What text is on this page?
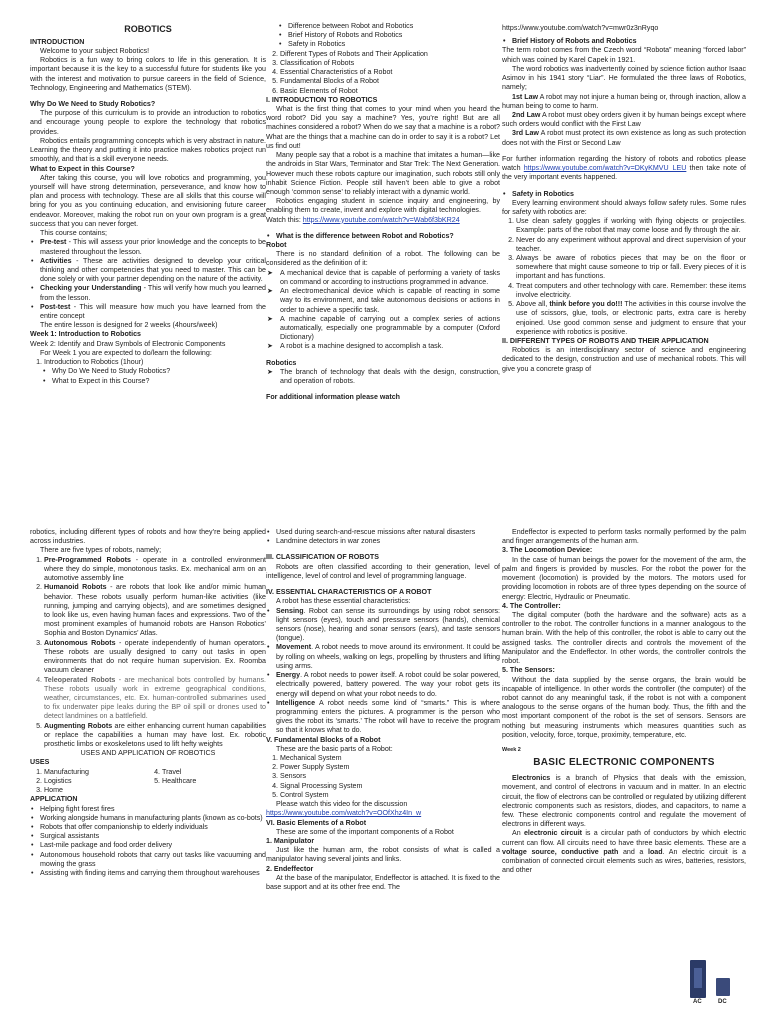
ROBOTICS

INTRODUCTION

Welcome to your subject Robotics!

Robotics is a fun way to bring colors to life in this generation. It is important because it is the key to a successful future for students like you with the interest and motivation to pursue careers in the field of Science, Technology, Engineering and Mathematics (STEM).

Why Do We Need to Study Robotics?

The purpose of this curriculum is to provide an introduction to robotics and encourage young people to explore the technology that robotics provides.

Robotics entails programming concepts which is very abstract in nature. Learning the theory and putting it into practice makes robotics project run smoothly, and that is a skill everyone needs.

What to Expect in this Course?

After taking this course, you will love robotics and programming, you yourself will have strong determination, perseverance, and know how to plan and process with technology. These are all skills that this course will bring for you as you continuing education, and envisioning future career endeavor. Moreover, making the robot run on your own program is a great success that you can never forget.

This course contains;

• Pre-test - This will assess your prior knowledge and the concepts to be mastered throughout the lesson.
• Activities - These are activities designed to develop your critical thinking and other competencies that you need to master. This can be done solely or with your partner depending on the nature of the activity.
• Checking your Understanding - This will verify how much you learned from the lesson.
• Post-test - This will measure how much you have learned from the entire concept

The entire lesson is designed for 2 weeks (4hours/week)

Week 1: Introduction to Robotics

Week 2: Identify and Draw Symbols of Electronic Components

For Week 1 you are expected to do/learn the following:

1. Introduction to Robotics (1hour)
• Why Do We Need to Study Robotics?
• What to Expect in this Course?
• Difference between Robot and Robotics
• Brief History of Robots and Robotics
• Safety in Robotics
2. Different Types of Robots and Their Application
3. Classification of Robots
4. Essential Characteristics of a Robot
5. Fundamental Blocks of a Robot
6. Basic Elements of Robot

I. INTRODUCTION TO ROBOTICS

What is the first thing that comes to your mind when you heard the word robot? Did you say a machine? Yes, you’re right! But are all machines considered a robot? When do we say that a machine is a robot? What are the things that a machine can do in order to say it is a robot? Let us find out!

Many people say that a robot is a machine that imitates a human—like the androids in Star Wars, Terminator and Star Trek: The Next Generation. However much these robots capture our imagination, such robots still only inhabit Science Fiction. People still haven’t been able to give a robot enough ‘common sense’ to reliably interact with a dynamic world.

Robotics engaging student in science inquiry and engineering, by enabling them to create, invent and explore with digital technologies.

Watch this: https://www.youtube.com/watch?v=Wab6f3bKR24

• What is the difference between Robot and Robotics?

Robot

There is no standard definition of a robot. The following can be considered as the definition of it:

➤ A mechanical device that is capable of performing a variety of tasks on command or according to instructions programmed in advance.
➤ An electromechanical device which is capable of reacting in some way to its environment, and take autonomous decisions or actions in order to achieve a specific task.
➤ A machine capable of carrying out a complex series of actions automatically, especially one programmable by a computer (Oxford Dictionary)
➤ A robot is a machine designed to accomplish a task.

Robotics

➤ The branch of technology that deals with the design, construction, and operation of robots.

For additional information please watch

https://www.youtube.com/watch?v=mwr0z3nRyqo

• Brief History of Robots and Robotics

The term robot comes from the Czech word “Robota” meaning “forced labor” which was coined by Karel Capek in 1921.

The word robotics was inadvertently coined by science fiction author Isaac Asimov in his 1941 story “Liar”. He formulated the three laws of Robotics, namely;

1st Law A robot may not injure a human being or, through inaction, allow a human being to come to harm.

2nd Law A robot must obey orders given it by human beings except where such orders would conflict with the First Law

3rd Law A robot must protect its own existence as long as such protection does not with the First or Second Law

For further information regarding the history of robots and robotics please watch https://www.youtube.com/watch?v=DKyKMVU_LEU then take note of the very important events happened.

• Safety in Robotics

Every learning environment should always follow safety rules. Some rules for safety with robotics are:

1. Use clean safety goggles if working with flying objects or projectiles. Example: parts of the robot that may come loose and fly through the air.
2. Never do any experiment without approval and direct supervision of your teacher.
3. Always be aware of robotics pieces that may be on the floor or somewhere that might cause someone to trip or fall. Every pieces of it is important and has functions.
4. Treat computers and other technology with care. Remember: these items involve electricity.
5. Above all, think before you do!!! The activities in this course involve the use of scissors, glue, tools, or electronic parts, extra care is hereby enjoined. Use good common sense and judgment to ensure that your experience with robotics is positive.

II. DIFFERENT TYPES OF ROBOTS AND THEIR APPLICATION

Robotics is an interdisciplinary sector of science and engineering dedicated to the design, construction and use of mechanical robots. This will give you a concrete grasp of

robotics, including different types of robots and how they’re being applied across industries.

There are five types of robots, namely;

1. Pre-Programmed Robots - operate in a controlled environment where they do simple, monotonous tasks. Ex. mechanical arm on an automotive assembly line
2. Humanoid Robots - are robots that look like and/or mimic human behavior. These robots usually perform human-like activities (like running, jumping and carrying objects), and are sometimes designed to look like us, even having human faces and expressions. Two of the most prominent examples of humanoid robots are Hanson Robotics’ Sophia and Boston Dynamics’ Atlas.
3. Autonomous Robots - operate independently of human operators. These robots are usually designed to carry out tasks in open environments that do not require human supervision. Ex. Roomba vacuum cleaner
4. Teleoperated Robots - are mechanical bots controlled by humans. These robots usually work in extreme geographical conditions, weather, circumstances, etc. Ex. human-controlled submarines used to fix underwater pipe leaks during the BP oil spill or drones used to detect landmines on a battlefield.
5. Augmenting Robots are either enhancing current human capabilities or replace the capabilities a human may have lost. Ex. robotic prosthetic limbs or exoskeletons used to lift hefty weights

USES AND APPLICATION OF ROBOTICS

USES

1. Manufacturing
2. Logistics
3. Home
4. Travel
5. Healthcare

APPLICATION

• Helping fight forest fires
• Working alongside humans in manufacturing plants (known as co-bots)
• Robots that offer companionship to elderly individuals
• Surgical assistants
• Last-mile package and food order delivery
• Autonomous household robots that carry out tasks like vacuuming and mowing the grass
• Assisting with finding items and carrying them throughout warehouses
• Used during search-and-rescue missions after natural disasters
• Landmine detectors in war zones

III. CLASSIFICATION OF ROBOTS

Robots are often classified according to their generation, level of intelligence, level of control and level of programming language.

IV. ESSENTIAL CHARACTERISTICS OF A ROBOT

A robot has these essential characteristics:

• Sensing. Robot can sense its surroundings by using robot sensors: light sensors (eyes), touch and pressure sensors (hands), chemical sensors (nose), hearing and sonar sensors (ears), and taste sensors (tongue).
• Movement. A robot needs to move around its environment. It could be by rolling on wheels, walking on legs, propelling by thrusters and lifting using arms.
• Energy. A robot needs to power itself. A robot could be solar powered, electrically powered, battery powered. The way your robot gets its energy will depend on what your robot needs to do.
• Intelligence A robot needs some kind of “smarts.” This is where programming enters the pictures. A programmer is the person who gives the robot its ‘smarts.’ The robot will have to receive the program so that it knows what to do.

V. Fundamental Blocks of a Robot

These are the basic parts of a Robot:

1. Mechanical System
2. Power Supply System
3. Sensors
4. Signal Processing System
5. Control System

Please watch this video for the discussion

https://www.youtube.com/watch?v=OOfXhz4In_w

VI. Basic Elements of a Robot

These are some of the important components of a Robot

1. Manipulator

Just like the human arm, the robot consists of what is called a manipulator having several joints and links.

2. Endeffector

At the base of the manipulator, Endeffector is attached. It is fixed to the base support and at its other free end. The

Endeffector is expected to perform tasks normally performed by the palm and finger arrangements of the human arm.

3. The Locomotion Device:

In the case of human beings the power for the movement of the arm, the palm and fingers is provided by muscles. For the robot the power for the movement (locomotion) is provided by the motors. The motors used for providing locomotion in robots are of three types depending on the source of energy: Electric, Hydraulic or Pneumatic.

4. The Controller:

The digital computer (both the hardware and the software) acts as a controller to the robot. The controller functions in a manner analogous to the human brain. With the help of this controller, the robot is able to carry out the assigned tasks. The controller directs and controls the movement of the Manipulator and the Endeffector. In other words, the controller controls the robot.

5. The Sensors:

Without the data supplied by the sense organs, the brain would be incapable of intelligence. In other words the controller (the computer) of the robot cannot do any meaningful task, if the robot is not with a component analogous to the sense organs of the human body. Thus, the fifth and the most important component of the robot is the set of sensors. Sensors are nothing but measuring instruments which measures quantities such as position, velocity, force, torque, proximity, temperature, etc.

Week 2

BASIC ELECTRONIC COMPONENTS

Electronics is a branch of Physics that deals with the emission, movement, and control of electrons in vacuum and in matter. In an electric circuit, the flow of electrons can be controlled or regulated by utilizing different electronic components such as resistors, diodes, and capacitors, to name a few. These electronic components control and regulate the movement of electrons in different ways.

An electronic circuit is a circular path of conductors by which electric current can flow. All circuits need to have three basic elements. These are a voltage source, conductive path and a load. An electric circuit is a combination of connected circuit elements such as wires, batteries, resistors, and other

AC	DC
